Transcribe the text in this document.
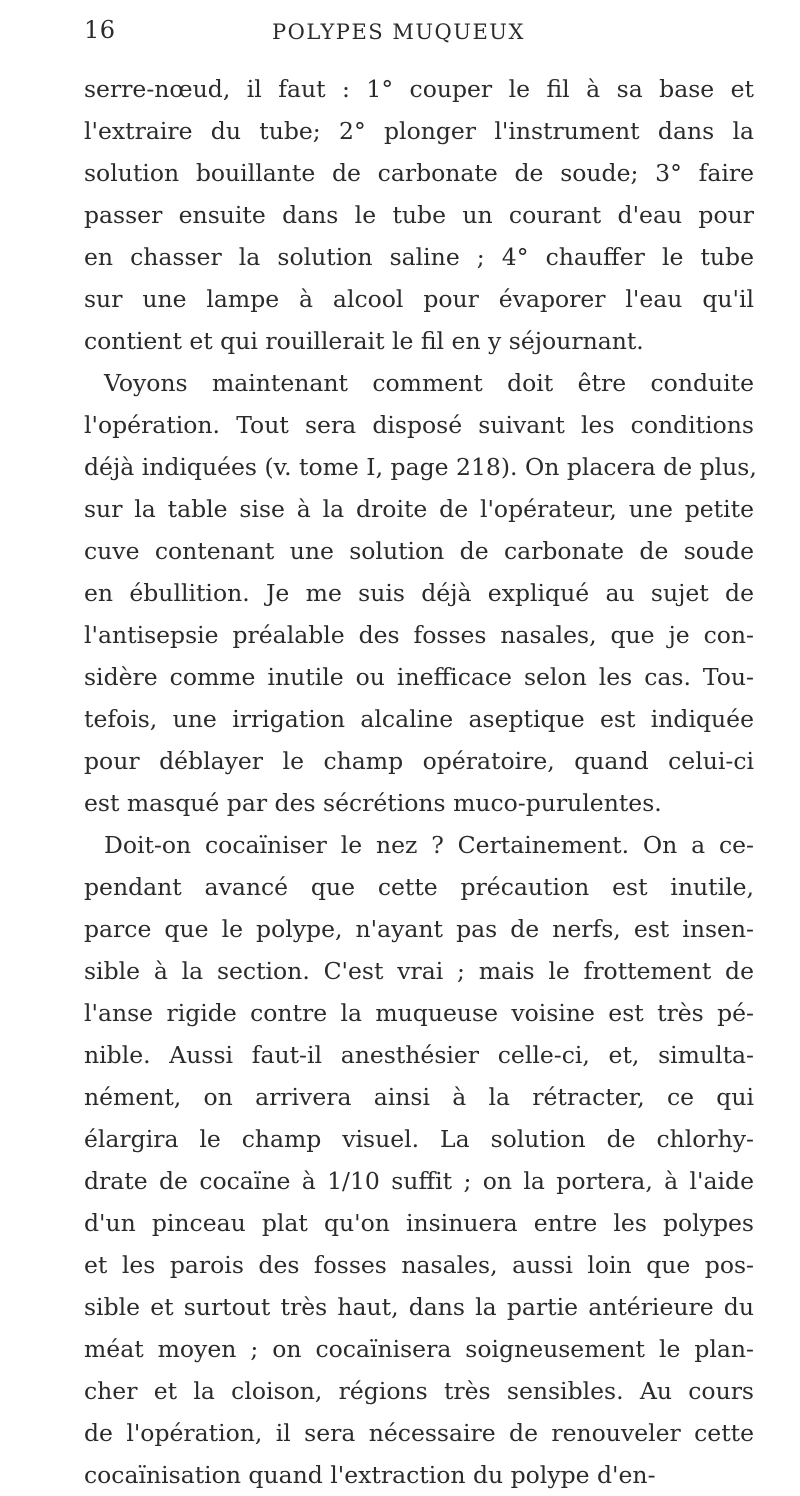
16	POLYPES MUQUEUX
serre-nœud, il faut : 1° couper le fil à sa base et
l'extraire du tube; 2° plonger l'instrument dans la
solution bouillante de carbonate de soude; 3° faire
passer ensuite dans le tube un courant d'eau pour
en chasser la solution saline ; 4° chauffer le tube
sur une lampe à alcool pour évaporer l'eau qu'il
contient et qui rouillerait le fil en y séjournant.
Voyons maintenant comment doit être conduite
l'opération. Tout sera disposé suivant les conditions
déjà indiquées (v. tome I, page 218). On placera de plus,
sur la table sise à la droite de l'opérateur, une petite
cuve contenant une solution de carbonate de soude
en ébullition. Je me suis déjà expliqué au sujet de
l'antisepsie préalable des fosses nasales, que je con-
sidère comme inutile ou inefficace selon les cas. Tou-
tefois, une irrigation alcaline aseptique est indiquée
pour déblayer le champ opératoire, quand celui-ci
est masqué par des sécrétions muco-purulentes.
Doit-on cocaïniser le nez ? Certainement. On a ce-
pendant avancé que cette précaution est inutile,
parce que le polype, n'ayant pas de nerfs, est insen-
sible à la section. C'est vrai ; mais le frottement de
l'anse rigide contre la muqueuse voisine est très pé-
nible. Aussi faut-il anesthésier celle-ci, et, simulta-
nément, on arrivera ainsi à la rétracter, ce qui
élargira le champ visuel. La solution de chlorhy-
drate de cocaïne à 1/10 suffit ; on la portera, à l'aide
d'un pinceau plat qu'on insinuera entre les polypes
et les parois des fosses nasales, aussi loin que pos-
sible et surtout très haut, dans la partie antérieure du
méat moyen ; on cocaïnisera soigneusement le plan-
cher et la cloison, régions très sensibles. Au cours
de l'opération, il sera nécessaire de renouveler cette
cocaïnisation quand l'extraction du polype d'en-
